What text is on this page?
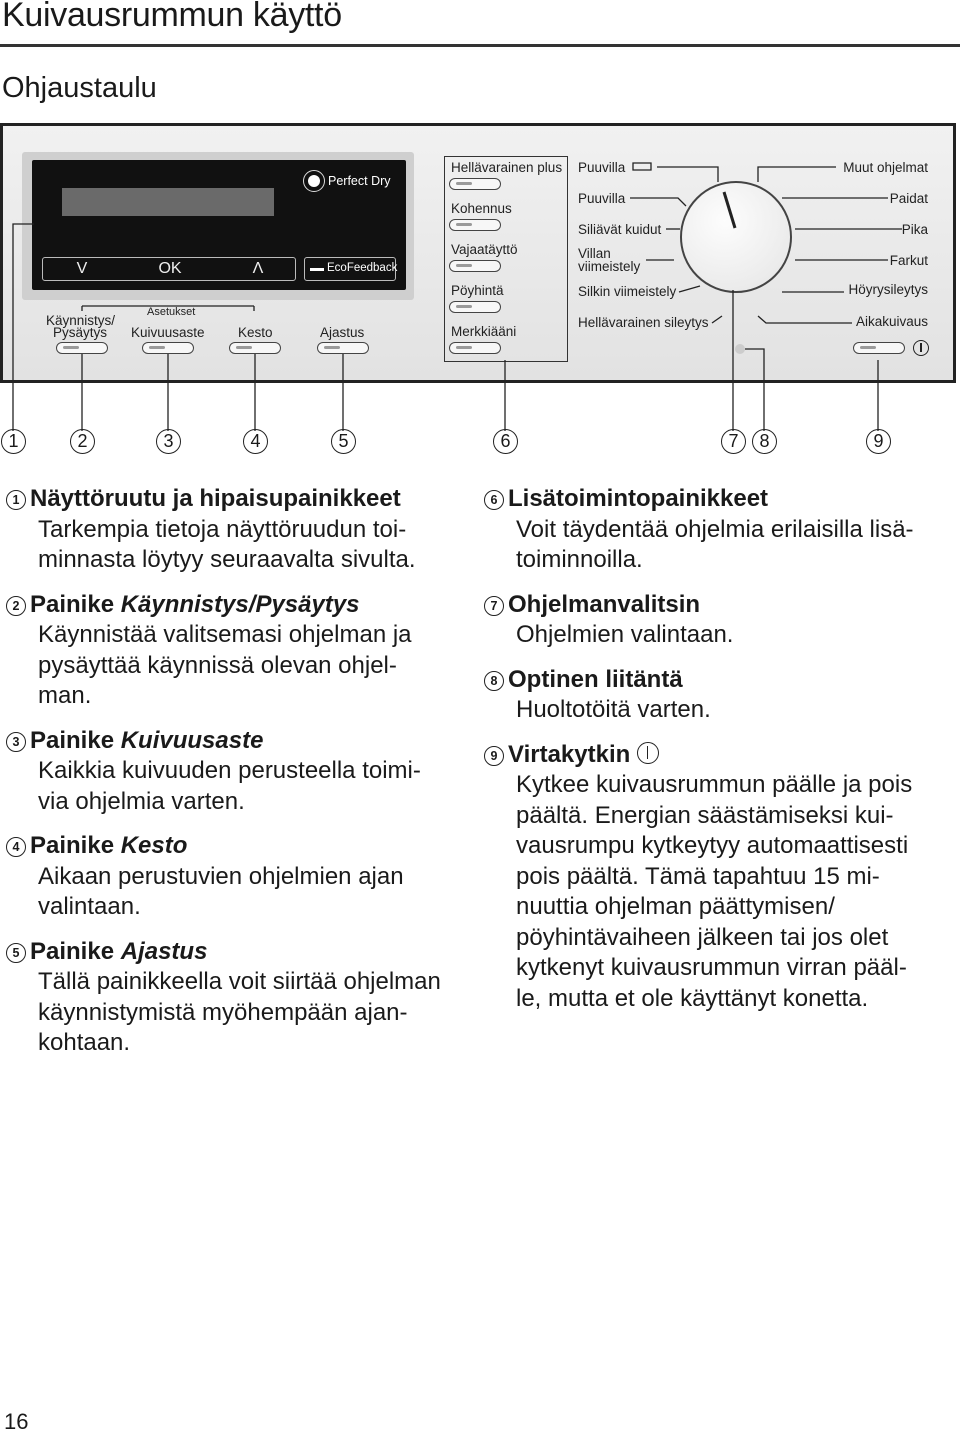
Kuivausrummun käyttö
Ohjaustaulu
V	OK	Λ
Perfect Dry
EcoFeedback
Käynnistys/
Pysäytys
Asetukset
Kuivuusaste Kesto	Ajastus
Hellävarainen plus
Kohennus
Vajaatäyttö
Pöyhintä
Merkkiääni
Puuvilla
Puuvilla
Siliävät kuidut
Villan
viimeistely
Silkin viimeistely
Hellävarainen sileytys
Muut ohjelmat
Paidat
Pika
Farkut
Höyrysileytys
Aikakuivaus
1	2	3	4	5	6	7	8	9
1 Näyttöruutu ja hipaisupainikkeet
Tarkempia tietoja näyttöruudun toi-
minnasta löytyy seuraavalta sivulta.
2 Painike Käynnistys/Pysäytys
Käynnistää valitsemasi ohjelman ja
pysäyttää käynnissä olevan ohjel-
man.
3 Painike Kuivuusaste
Kaikkia kuivuuden perusteella toimi-
via ohjelmia varten.
4 Painike Kesto
Aikaan perustuvien ohjelmien ajan
valintaan.
5 Painike Ajastus
Tällä painikkeella voit siirtää ohjelman
käynnistymistä myöhempään ajan-
kohtaan.
6 Lisätoimintopainikkeet
Voit täydentää ohjelmia erilaisilla lisä-
toiminnoilla.
7 Ohjelmanvalitsin
Ohjelmien valintaan.
8 Optinen liitäntä
Huoltotöitä varten.
9 Virtakytkin
Kytkee kuivausrummun päälle ja pois
päältä. Energian säästämiseksi kui-
vausrumpu kytkeytyy automaattisesti
pois päältä. Tämä tapahtuu 15 mi-
nuuttia ohjelman päättymisen/
pöyhintävaiheen jälkeen tai jos olet
kytkenyt kuivausrummun virran pääl-
le, mutta et ole käyttänyt konetta.
16
